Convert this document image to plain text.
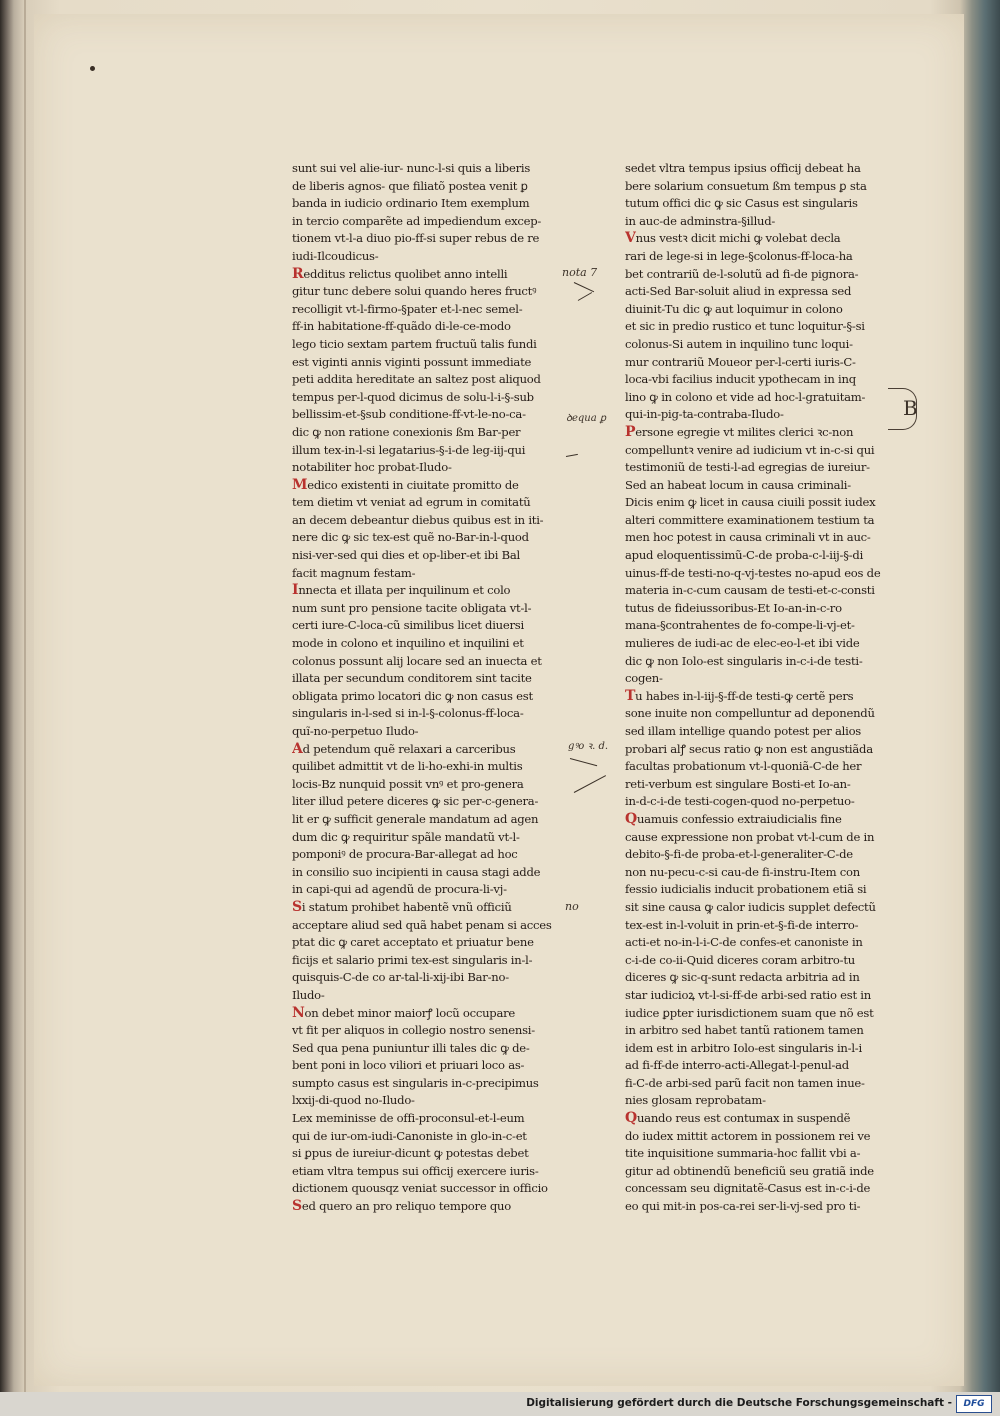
sunt sui vel alie-iur- nunc-l-si quis a liberis

de liberis agnos- que filiatõ postea venit ꝑ

banda in iudicio ordinario Item exemplum

in tercio comparẽte ad impediendum excep-

tionem vt-l-a diuo pio-ff-si super rebus de re

iudi-Ilcoudicus-

Redditus relictus quolibet anno intelli

gitur tunc debere solui quando heres fructꝰ

recolligit vt-l-firmo-§pater et-l-nec semel-

ff-in habitatione-ff-quãdo di-le-ce-modo

lego ticio sextam partem fructuũ talis fundi

est viginti annis viginti possunt immediate

peti addita hereditate an saltez post aliquod

tempus per-l-quod dicimus de solu-l-i-§-sub

bellissim-et-§sub conditione-ff-vt-le-no-ca-

dic ꝙ non ratione conexionis ßm Bar-per

illum tex-in-l-si legatarius-§-i-de leg-iij-qui

notabiliter hoc probat-Iludo-

Medico existenti in ciuitate promitto de

tem dietim vt veniat ad egrum in comitatũ

an decem debeantur diebus quibus est in iti-

nere dic ꝙ sic tex-est quẽ no-Bar-in-l-quod

nisi-ver-sed qui dies et op-liber-et ibi Bal

facit magnum festam-

Innecta et illata per inquilinum et colo

num sunt pro pensione tacite obligata vt-l-

certi iure-C-loca-cũ similibus licet diuersi

mode in colono et inquilino et inquilini et

colonus possunt alij locare sed an inuecta et

illata per secundum conditorem sint tacite

obligata primo locatori dic ꝙ non casus est

singularis in-l-sed si in-l-§-colonus-ff-loca-

quĩ-no-perpetuo Iludo-

Ad petendum quẽ relaxari a carceribus

quilibet admittit vt de li-ho-exhi-in multis

locis-Bz nunquid possit vnꝰ et pro-genera

liter illud petere diceres ꝙ sic per-c-genera-

lit er ꝙ sufficit generale mandatum ad agen

dum dic ꝙ requiritur spãle mandatũ vt-l-

pomponiꝰ de procura-Bar-allegat ad hoc

in consilio suo incipienti in causa stagi adde

in capi-qui ad agendũ de procura-li-vj-

Si statum prohibet habentẽ vnũ officiũ

acceptare aliud sed quã habet penam si acces

ptat dic ꝙ caret acceptato et priuatur bene

ficijs et salario primi tex-est singularis in-l-

quisquis-C-de co ar-tal-li-xij-ibi Bar-no-

Iludo-

Non debet minor maiorꝭ locũ occupare

vt fit per aliquos in collegio nostro senensi-

Sed qua pena puniuntur illi tales dic ꝙ de-

bent poni in loco viliori et priuari loco as-

sumpto casus est singularis in-c-precipimus

lxxij-di-quod no-Iludo-

Lex meminisse de offi-proconsul-et-l-eum

qui de iur-om-iudi-Canoniste in glo-in-c-et

si ꝑpus de iureiur-dicunt ꝙ potestas debet

etiam vltra tempus sui officij exercere iuris-

dictionem quousqz veniat successor in officio

Sed quero an pro reliquo tempore quo

sedet vltra tempus ipsius officij debeat ha

bere solarium consuetum ßm tempus ꝑ sta

tutum offici dic ꝙ sic Casus est singularis

in auc-de adminstra-§illud-

Vnus vestꝛ dicit michi ꝙ volebat decla

rari de lege-si in lege-§colonus-ff-loca-ha

bet contrariũ de-l-solutũ ad fi-de pignora-

acti-Sed Bar-soluit aliud in expressa sed

diuinit-Tu dic ꝙ aut loquimur in colono

et sic in predio rustico et tunc loquitur-§-si

colonus-Si autem in inquilino tunc loqui-

mur contrariũ Moueor per-l-certi iuris-C-

loca-vbi facilius inducit ypothecam in inq

lino ꝙ in colono et vide ad hoc-l-gratuitam-

qui-in-pig-ta-contraba-Iludo-

Persone egregie vt milites clerici ꝛc-non

compelluntꝛ venire ad iudicium vt in-c-si qui

testimoniũ de testi-l-ad egregias de iureiur-

Sed an habeat locum in causa criminali-

Dicis enim ꝙ licet in causa ciuili possit iudex

alteri committere examinationem testium ta

men hoc potest in causa criminali vt in auc-

apud eloquentissimũ-C-de proba-c-l-iij-§-di

uinus-ff-de testi-no-q-vj-testes no-apud eos de

materia in-c-cum causam de testi-et-c-consti

tutus de fideiussoribus-Et Io-an-in-c-ro

mana-§contrahentes de fo-compe-li-vj-et-

mulieres de iudi-ac de elec-eo-l-et ibi vide

dic ꝙ non Iolo-est singularis in-c-i-de testi-

cogen-

Tu habes in-l-iij-§-ff-de testi-ꝙ certẽ pers

sone inuite non compelluntur ad deponendũ

sed illam intellige quando potest per alios

probari alꝭ secus ratio ꝙ non est angustiãda

facultas probationum vt-l-quoniã-C-de her

reti-verbum est singulare Bosti-et Io-an-

in-d-c-i-de testi-cogen-quod no-perpetuo-

Quamuis confessio extraiudicialis fine

cause expressione non probat vt-l-cum de in

debito-§-fi-de proba-et-l-generaliter-C-de

non nu-pecu-c-si cau-de fi-instru-Item con

fessio iudicialis inducit probationem etiã si

sit sine causa ꝙ calor iudicis supplet defectũ

tex-est in-l-voluit in prin-et-§-fi-de interro-

acti-et no-in-l-i-C-de confes-et canoniste in

c-i-de co-ii-Quid diceres coram arbitro-tu

diceres ꝙ sic-q-sunt redacta arbitria ad in

star iudicioꝝ vt-l-si-ff-de arbi-sed ratio est in

iudice ꝑpter iurisdictionem suam que nõ est

in arbitro sed habet tantũ rationem tamen

idem est in arbitro Iolo-est singularis in-l-i

ad fi-ff-de interro-acti-Allegat-l-penul-ad

fi-C-de arbi-sed parũ facit non tamen inue-

nies glosam reprobatam-

Quando reus est contumax in suspendẽ

do iudex mittit actorem in possionem rei ve

tite inquisitione summaria-hoc fallit vbi a-

gitur ad obtinendũ beneficiũ seu gratiã inde

concessam seu dignitatẽ-Casus est in-c-i-de

eo qui mit-in pos-ca-rei ser-li-vj-sed pro ti-

nota 7
ꝺequa ꝑ
gꝰo ꝛ. d.
no
B
Digitalisierung gefördert durch die Deutsche Forschungsgemeinschaft -	DFG
